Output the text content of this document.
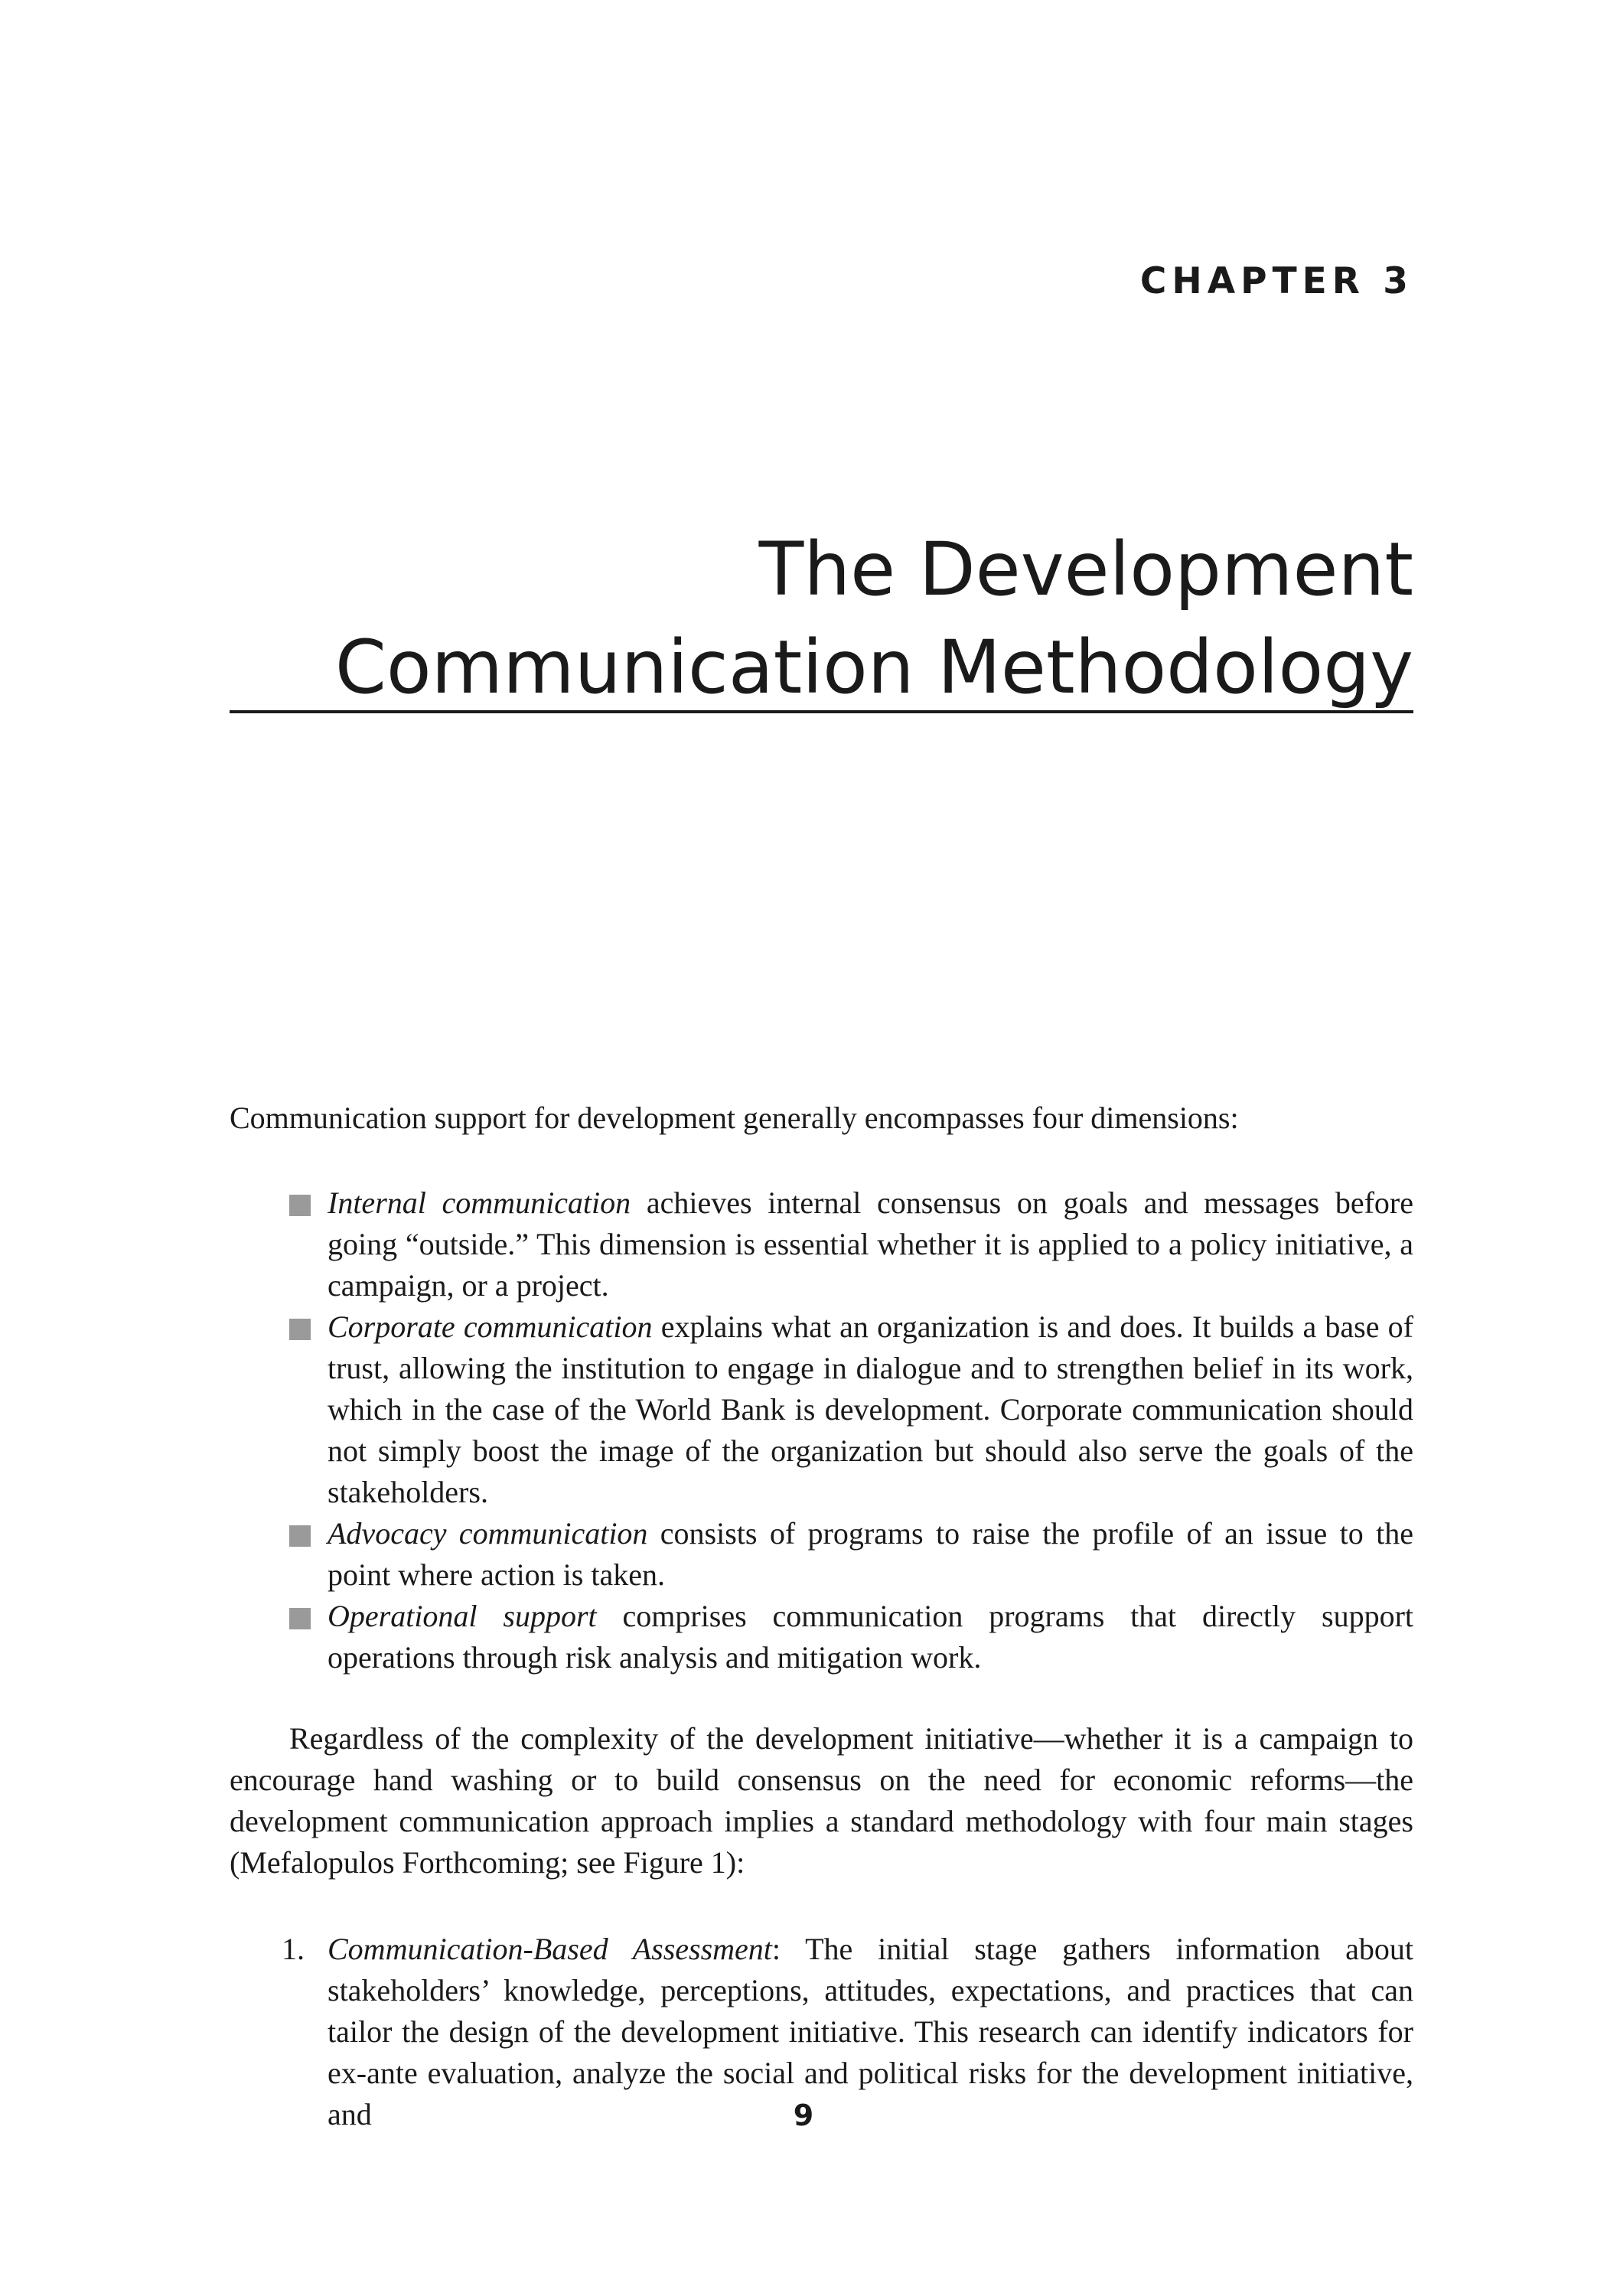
CHAPTER 3

The Development
Communication Methodology

Communication support for development generally encompasses four dimensions:

Internal communication achieves internal consensus on goals and messages before going “outside.” This dimension is essential whether it is applied to a policy initiative, a campaign, or a project.
Corporate communication explains what an organization is and does. It builds a base of trust, allowing the institution to engage in dialogue and to strengthen belief in its work, which in the case of the World Bank is development. Corporate communication should not simply boost the image of the organization but should also serve the goals of the stakeholders.
Advocacy communication consists of programs to raise the profile of an issue to the point where action is taken.
Operational support comprises communication programs that directly support operations through risk analysis and mitigation work.

Regardless of the complexity of the development initiative—whether it is a campaign to encourage hand washing or to build consensus on the need for economic reforms—the development communication approach implies a standard methodology with four main stages (Mefalopulos Forthcoming; see Figure 1):

1. Communication-Based Assessment: The initial stage gathers information about stakeholders’ knowledge, perceptions, attitudes, expectations, and practices that can tailor the design of the development initiative. This research can identify indicators for ex-ante evaluation, analyze the social and political risks for the development initiative, and	9
